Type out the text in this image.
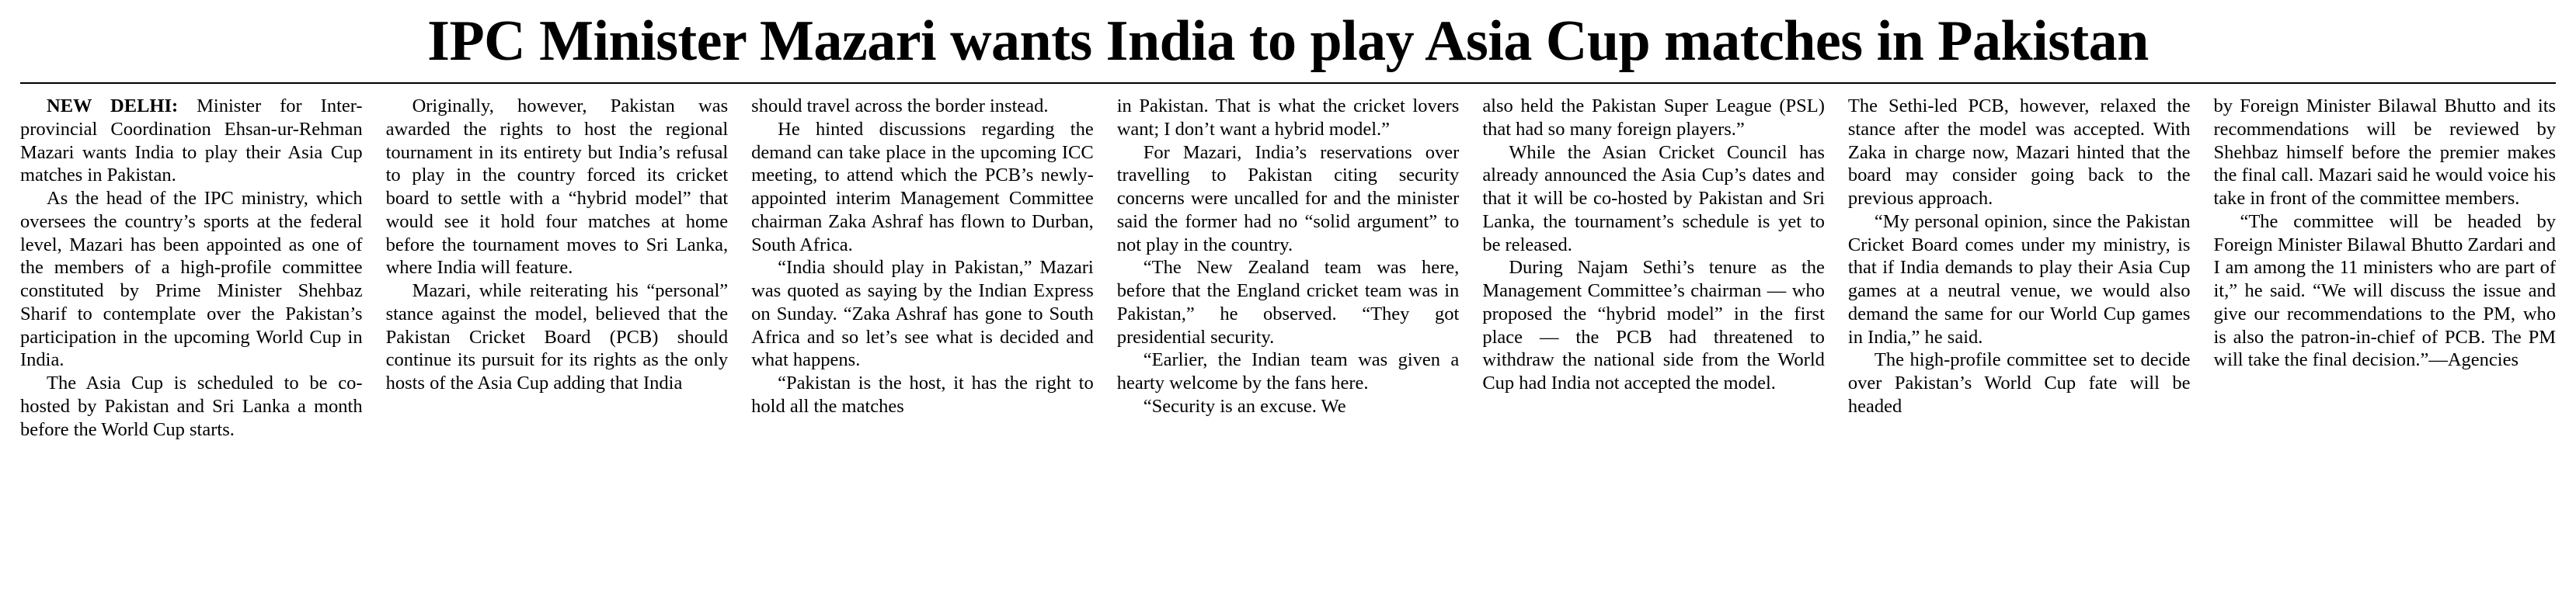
IPC Minister Mazari wants India to play Asia Cup matches in Pakistan

NEW DELHI: Minister for Inter-provincial Coordination Ehsan-ur-Rehman Mazari wants India to play their Asia Cup matches in Pakistan.

As the head of the IPC ministry, which oversees the country’s sports at the federal level, Mazari has been appointed as one of the members of a high-profile committee constituted by Prime Minister Shehbaz Sharif to contemplate over the Pakistan’s participation in the upcoming World Cup in India.

The Asia Cup is scheduled to be co-hosted by Pakistan and Sri Lanka a month before the World Cup starts.

Originally, however, Pakistan was awarded the rights to host the regional tournament in its entirety but India’s refusal to play in the country forced its cricket board to settle with a “hybrid model” that would see it hold four matches at home before the tournament moves to Sri Lanka, where India will feature.

Mazari, while reiterating his “personal” stance against the model, believed that the Pakistan Cricket Board (PCB) should continue its pursuit for its rights as the only hosts of the Asia Cup adding that India

should travel across the border instead.

He hinted discussions regarding the demand can take place in the upcoming ICC meeting, to attend which the PCB’s newly-appointed interim Management Committee chairman Zaka Ashraf has flown to Durban, South Africa.

“India should play in Pakistan,” Mazari was quoted as saying by the Indian Express on Sunday. “Zaka Ashraf has gone to South Africa and so let’s see what is decided and what happens.

“Pakistan is the host, it has the right to hold all the matches

in Pakistan. That is what the cricket lovers want; I don’t want a hybrid model.”

For Mazari, India’s reservations over travelling to Pakistan citing security concerns were uncalled for and the minister said the former had no “solid argument” to not play in the country.

“The New Zealand team was here, before that the England cricket team was in Pakistan,” he observed. “They got presidential security.

“Earlier, the Indian team was given a hearty welcome by the fans here.

“Security is an excuse. We

also held the Pakistan Super League (PSL) that had so many foreign players.”

While the Asian Cricket Council has already announced the Asia Cup’s dates and that it will be co-hosted by Pakistan and Sri Lanka, the tournament’s schedule is yet to be released.

During Najam Sethi’s tenure as the Management Committee’s chairman — who proposed the “hybrid model” in the first place — the PCB had threatened to withdraw the national side from the World Cup had India not accepted the model.

The Sethi-led PCB, however, relaxed the stance after the model was accepted. With Zaka in charge now, Mazari hinted that the board may consider going back to the previous approach.

“My personal opinion, since the Pakistan Cricket Board comes under my ministry, is that if India demands to play their Asia Cup games at a neutral venue, we would also demand the same for our World Cup games in India,” he said.

The high-profile committee set to decide over Pakistan’s World Cup fate will be headed

by Foreign Minister Bilawal Bhutto and its recommendations will be reviewed by Shehbaz himself before the premier makes the final call. Mazari said he would voice his take in front of the committee members.

“The committee will be headed by Foreign Minister Bilawal Bhutto Zardari and I am among the 11 ministers who are part of it,” he said. “We will discuss the issue and give our recommendations to the PM, who is also the patron-in-chief of PCB. The PM will take the final decision.”—Agencies
